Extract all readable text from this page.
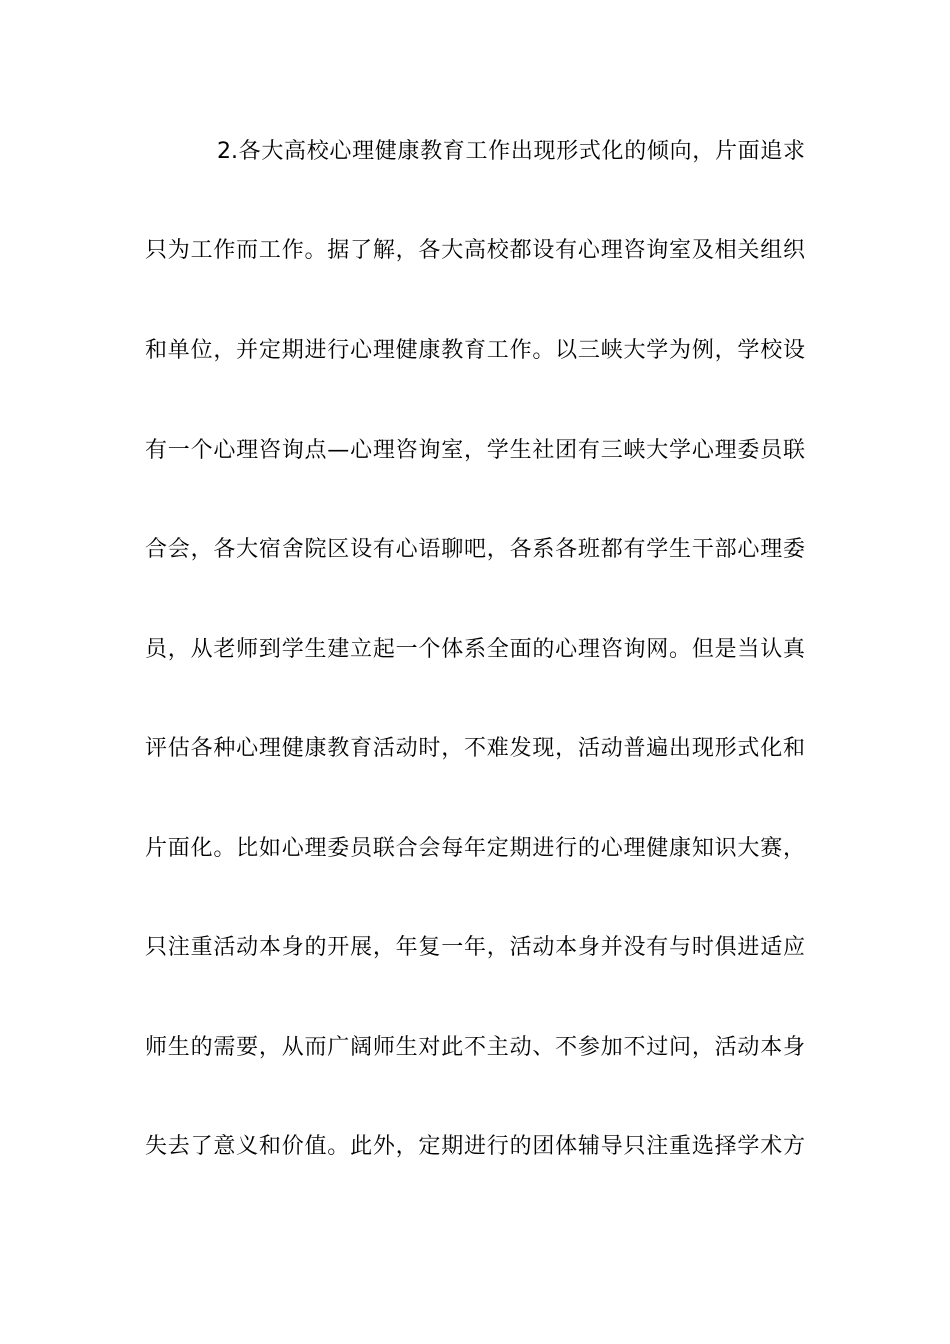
2.各大高校心理健康教育工作出现形式化的倾向，片面追求
只为工作而工作。据了解，各大高校都设有心理咨询室及相关组织
和单位，并定期进行心理健康教育工作。以三峡大学为例，学校设
有一个心理咨询点—心理咨询室，学生社团有三峡大学心理委员联
合会，各大宿舍院区设有心语聊吧，各系各班都有学生干部心理委
员，从老师到学生建立起一个体系全面的心理咨询网。但是当认真
评估各种心理健康教育活动时，不难发现，活动普遍出现形式化和
片面化。比如心理委员联合会每年定期进行的心理健康知识大赛，
只注重活动本身的开展，年复一年，活动本身并没有与时俱进适应
师生的需要，从而广阔师生对此不主动、不参加不过问，活动本身
失去了意义和价值。此外，定期进行的团体辅导只注重选择学术方
